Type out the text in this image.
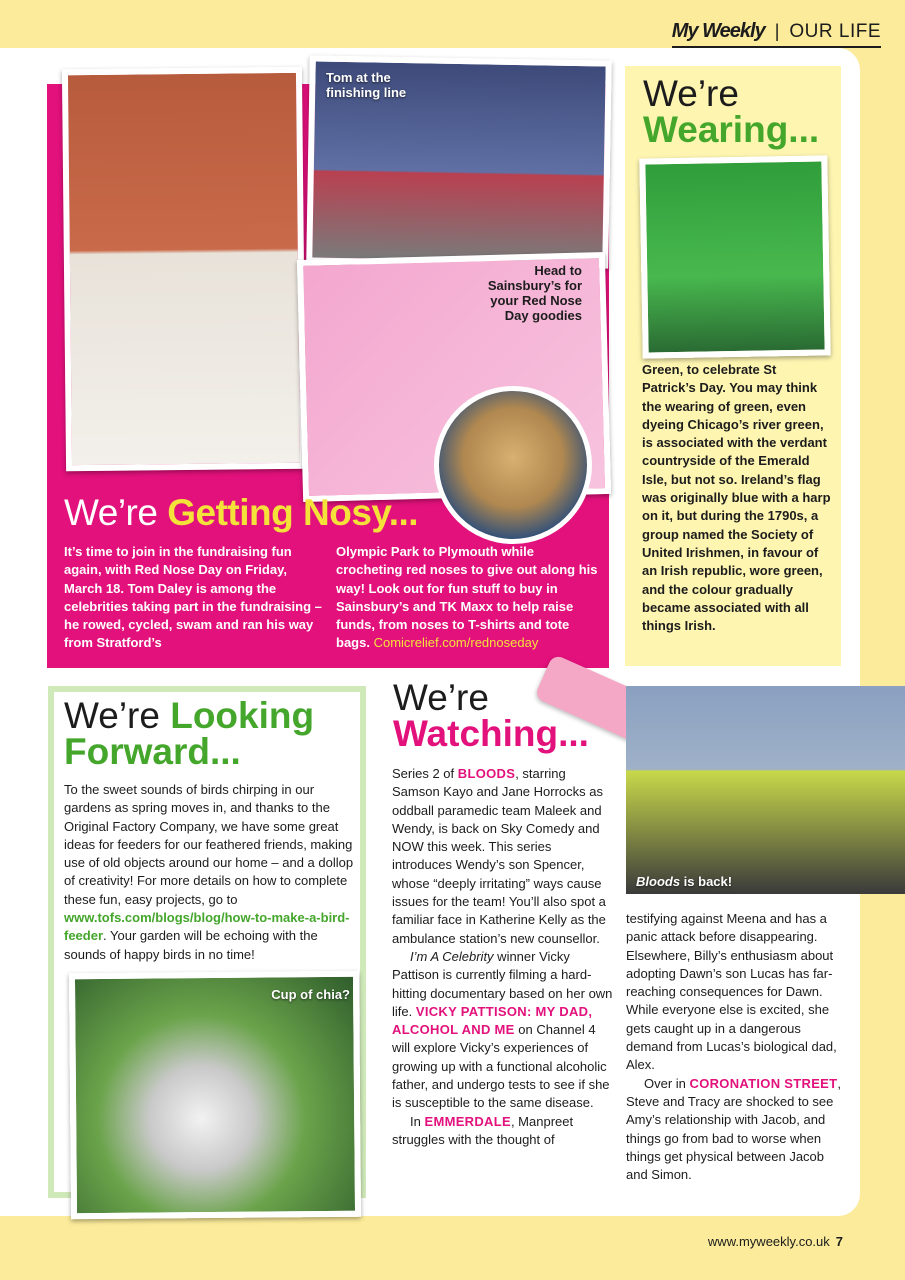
My Weekly | OUR LIFE
Tom at the finishing line
Head to Sainsbury’s for your Red Nose Day goodies
We’re Getting Nosy...
It’s time to join in the fundraising fun again, with Red Nose Day on Friday, March 18. Tom Daley is among the celebrities taking part in the fundraising – he rowed, cycled, swam and ran his way from Stratford’s
Olympic Park to Plymouth while crocheting red noses to give out along his way! Look out for fun stuff to buy in Sainsbury’s and TK Maxx to help raise funds, from noses to T-shirts and tote bags. Comicrelief.com/rednoseday
We’re
Wearing...
Green, to celebrate St Patrick’s Day. You may think the wearing of green, even dyeing Chicago’s river green, is associated with the verdant countryside of the Emerald Isle, but not so. Ireland’s flag was originally blue with a harp on it, but during the 1790s, a group named the Society of United Irishmen, in favour of an Irish republic, wore green, and the colour gradually became associated with all things Irish.
We’re Looking
Forward...
To the sweet sounds of birds chirping in our gardens as spring moves in, and thanks to the Original Factory Company, we have some great ideas for feeders for our feathered friends, making use of old objects around our home – and a dollop of creativity! For more details on how to complete these fun, easy projects, go to www.tofs.com/blogs/blog/how-to-make-a-bird-feeder. Your garden will be echoing with the sounds of happy birds in no time!
Cup of chia?
We’re
Watching...
Bloods is back!

Series 2 of BLOODS, starring Samson Kayo and Jane Horrocks as oddball paramedic team Maleek and Wendy, is back on Sky Comedy and NOW this week. This series introduces Wendy’s son Spencer, whose “deeply irritating” ways cause issues for the team! You’ll also spot a familiar face in Katherine Kelly as the ambulance station’s new counsellor.

I’m A Celebrity winner Vicky Pattison is currently filming a hard-hitting documentary based on her own life. VICKY PATTISON: MY DAD, ALCOHOL AND ME on Channel 4 will explore Vicky’s experiences of growing up with a functional alcoholic father, and undergo tests to see if she is susceptible to the same disease.

In EMMERDALE, Manpreet struggles with the thought of

testifying against Meena and has a panic attack before disappearing. Elsewhere, Billy’s enthusiasm about adopting Dawn’s son Lucas has far-reaching consequences for Dawn. While everyone else is excited, she gets caught up in a dangerous demand from Lucas’s biological dad, Alex.

Over in CORONATION STREET, Steve and Tracy are shocked to see Amy’s relationship with Jacob, and things go from bad to worse when things get physical between Jacob and Simon.

www.myweekly.co.uk 7
